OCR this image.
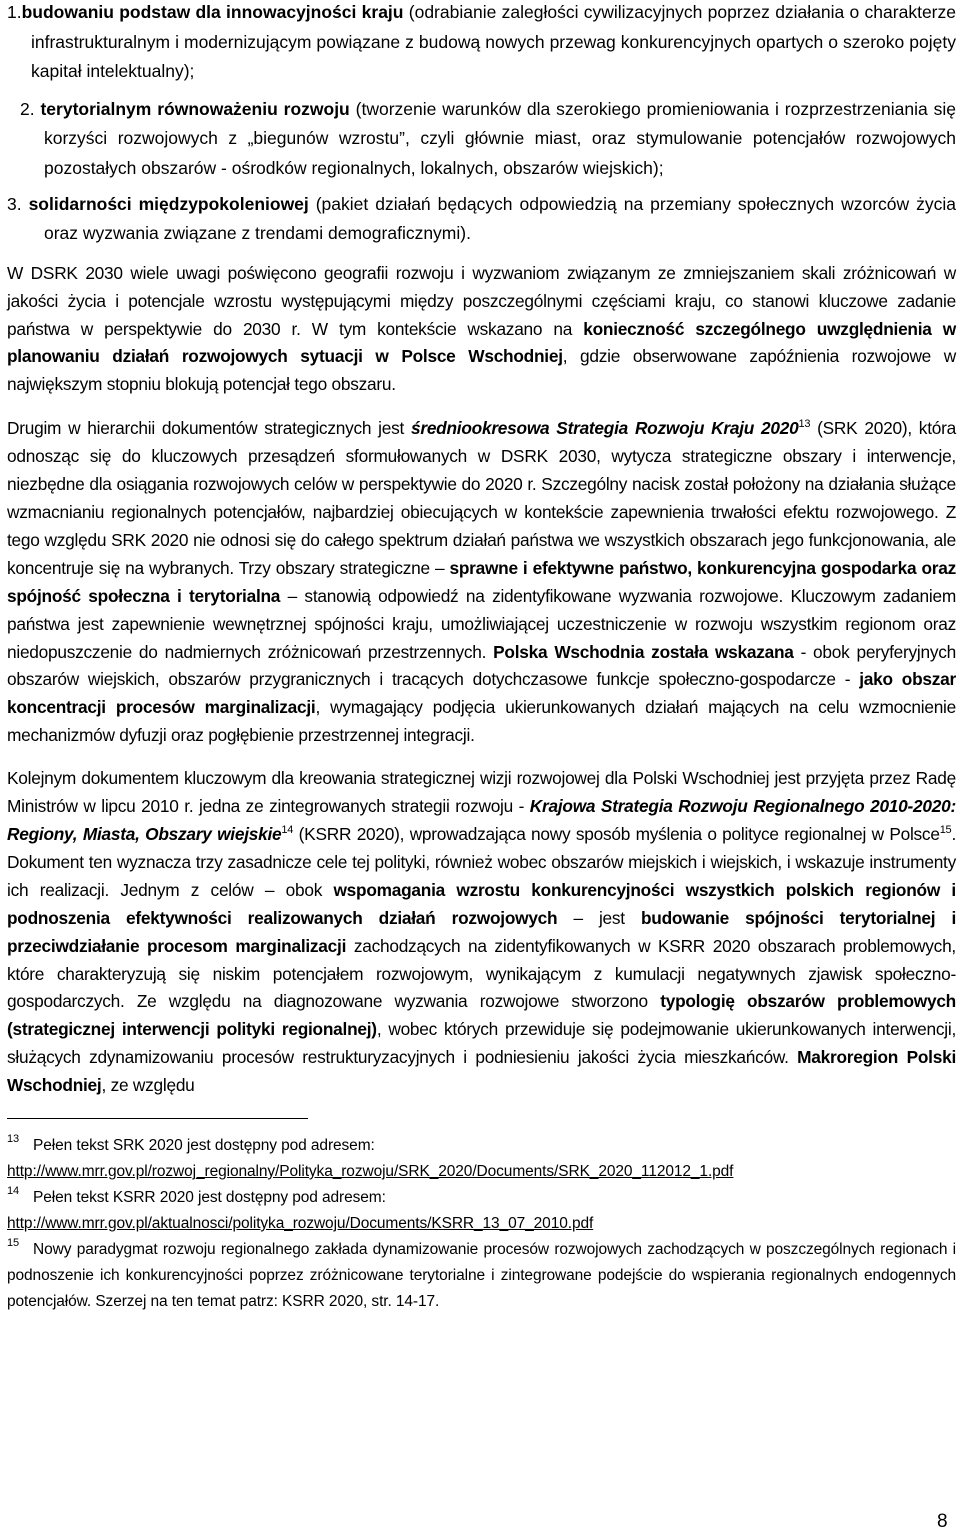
1.budowaniu podstaw dla innowacyjności kraju (odrabianie zaległości cywilizacyjnych poprzez działania o charakterze infrastrukturalnym i modernizującym powiązane z budową nowych przewag konkurencyjnych opartych o szeroko pojęty kapitał intelektualny);

2. terytorialnym równoważeniu rozwoju (tworzenie warunków dla szerokiego promieniowania i rozprzestrzeniania się korzyści rozwojowych z „biegunów wzrostu”, czyli głównie miast, oraz stymulowanie potencjałów rozwojowych pozostałych obszarów - ośrodków regionalnych, lokalnych, obszarów wiejskich);

3. solidarności międzypokoleniowej (pakiet działań będących odpowiedzią na przemiany społecznych wzorców życia oraz wyzwania związane z trendami demograficznymi).

W DSRK 2030 wiele uwagi poświęcono geografii rozwoju i wyzwaniom związanym ze zmniejszaniem skali zróżnicowań w jakości życia i potencjale wzrostu występującymi między poszczególnymi częściami kraju, co stanowi kluczowe zadanie państwa w perspektywie do 2030 r. W tym kontekście wskazano na konieczność szczególnego uwzględnienia w planowaniu działań rozwojowych sytuacji w Polsce Wschodniej, gdzie obserwowane zapóźnienia rozwojowe w największym stopniu blokują potencjał tego obszaru.

Drugim w hierarchii dokumentów strategicznych jest średniookresowa Strategia Rozwoju Kraju 2020$^{13}$ (SRK 2020), która odnosząc się do kluczowych przesądzeń sformułowanych w DSRK 2030, wytycza strategiczne obszary i interwencje, niezbędne dla osiągania rozwojowych celów w perspektywie do 2020 r. Szczególny nacisk został położony na działania służące wzmacnianiu regionalnych potencjałów, najbardziej obiecujących w kontekście zapewnienia trwałości efektu rozwojowego. Z tego względu SRK 2020 nie odnosi się do całego spektrum działań państwa we wszystkich obszarach jego funkcjonowania, ale koncentruje się na wybranych. Trzy obszary strategiczne – sprawne i efektywne państwo, konkurencyjna gospodarka oraz spójność społeczna i terytorialna – stanowią odpowiedź na zidentyfikowane wyzwania rozwojowe. Kluczowym zadaniem państwa jest zapewnienie wewnętrznej spójności kraju, umożliwiającej uczestniczenie w rozwoju wszystkim regionom oraz niedopuszczenie do nadmiernych zróżnicowań przestrzennych. Polska Wschodnia została wskazana - obok peryferyjnych obszarów wiejskich, obszarów przygranicznych i tracących dotychczasowe funkcje społeczno-gospodarcze - jako obszar koncentracji procesów marginalizacji, wymagający podjęcia ukierunkowanych działań mających na celu wzmocnienie mechanizmów dyfuzji oraz pogłębienie przestrzennej integracji.

Kolejnym dokumentem kluczowym dla kreowania strategicznej wizji rozwojowej dla Polski Wschodniej jest przyjęta przez Radę Ministrów w lipcu 2010 r. jedna ze zintegrowanych strategii rozwoju - Krajowa Strategia Rozwoju Regionalnego 2010-2020: Regiony, Miasta, Obszary wiejskie$^{14}$ (KSRR 2020), wprowadzająca nowy sposób myślenia o polityce regionalnej w Polsce$^{15}$. Dokument ten wyznacza trzy zasadnicze cele tej polityki, również wobec obszarów miejskich i wiejskich, i wskazuje instrumenty ich realizacji. Jednym z celów – obok wspomagania wzrostu konkurencyjności wszystkich polskich regionów i podnoszenia efektywności realizowanych działań rozwojowych – jest budowanie spójności terytorialnej i przeciwdziałanie procesom marginalizacji zachodzących na zidentyfikowanych w KSRR 2020 obszarach problemowych, które charakteryzują się niskim potencjałem rozwojowym, wynikającym z kumulacji negatywnych zjawisk społeczno-gospodarczych. Ze względu na diagnozowane wyzwania rozwojowe stworzono typologię obszarów problemowych (strategicznej interwencji polityki regionalnej), wobec których przewiduje się podejmowanie ukierunkowanych interwencji, służących zdynamizowaniu procesów restrukturyzacyjnych i podniesieniu jakości życia mieszkańców. Makroregion Polski Wschodniej, ze względu

$^{13}$ Pełen tekst SRK 2020 jest dostępny pod adresem:
http://www.mrr.gov.pl/rozwoj_regionalny/Polityka_rozwoju/SRK_2020/Documents/SRK_2020_112012_1.pdf
$^{14}$ Pełen tekst KSRR 2020 jest dostępny pod adresem:
http://www.mrr.gov.pl/aktualnosci/polityka_rozwoju/Documents/KSRR_13_07_2010.pdf
$^{15}$ Nowy paradygmat rozwoju regionalnego zakłada dynamizowanie procesów rozwojowych zachodzących w poszczególnych regionach i podnoszenie ich konkurencyjności poprzez zróżnicowane terytorialne i zintegrowane podejście do wspierania regionalnych endogennych potencjałów. Szerzej na ten temat patrz: KSRR 2020, str. 14-17.
8
